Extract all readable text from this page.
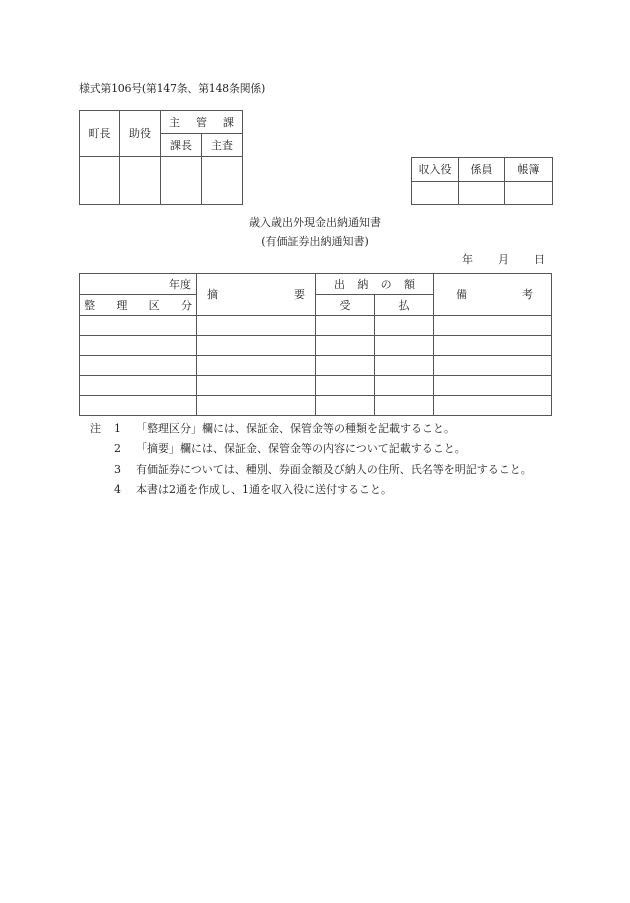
様式第106号(第147条、第148条関係)
町長	助役	主 管 課	

		課長	主査

収入役	係員	帳簿

歳入歳出外現金出納通知書
(有価証券出納通知書)
年 月 日
年度	摘 要	出 納 の 額		備 考

整 理 区 分		受	払	

注	1	「整理区分」欄には、保証金、保管金等の種類を記載すること。
2	「摘要」欄には、保証金、保管金等の内容について記載すること。
3	有価証券については、種別、券面金額及び納人の住所、氏名等を明記すること。
4	本書は2通を作成し、1通を収入役に送付すること。
